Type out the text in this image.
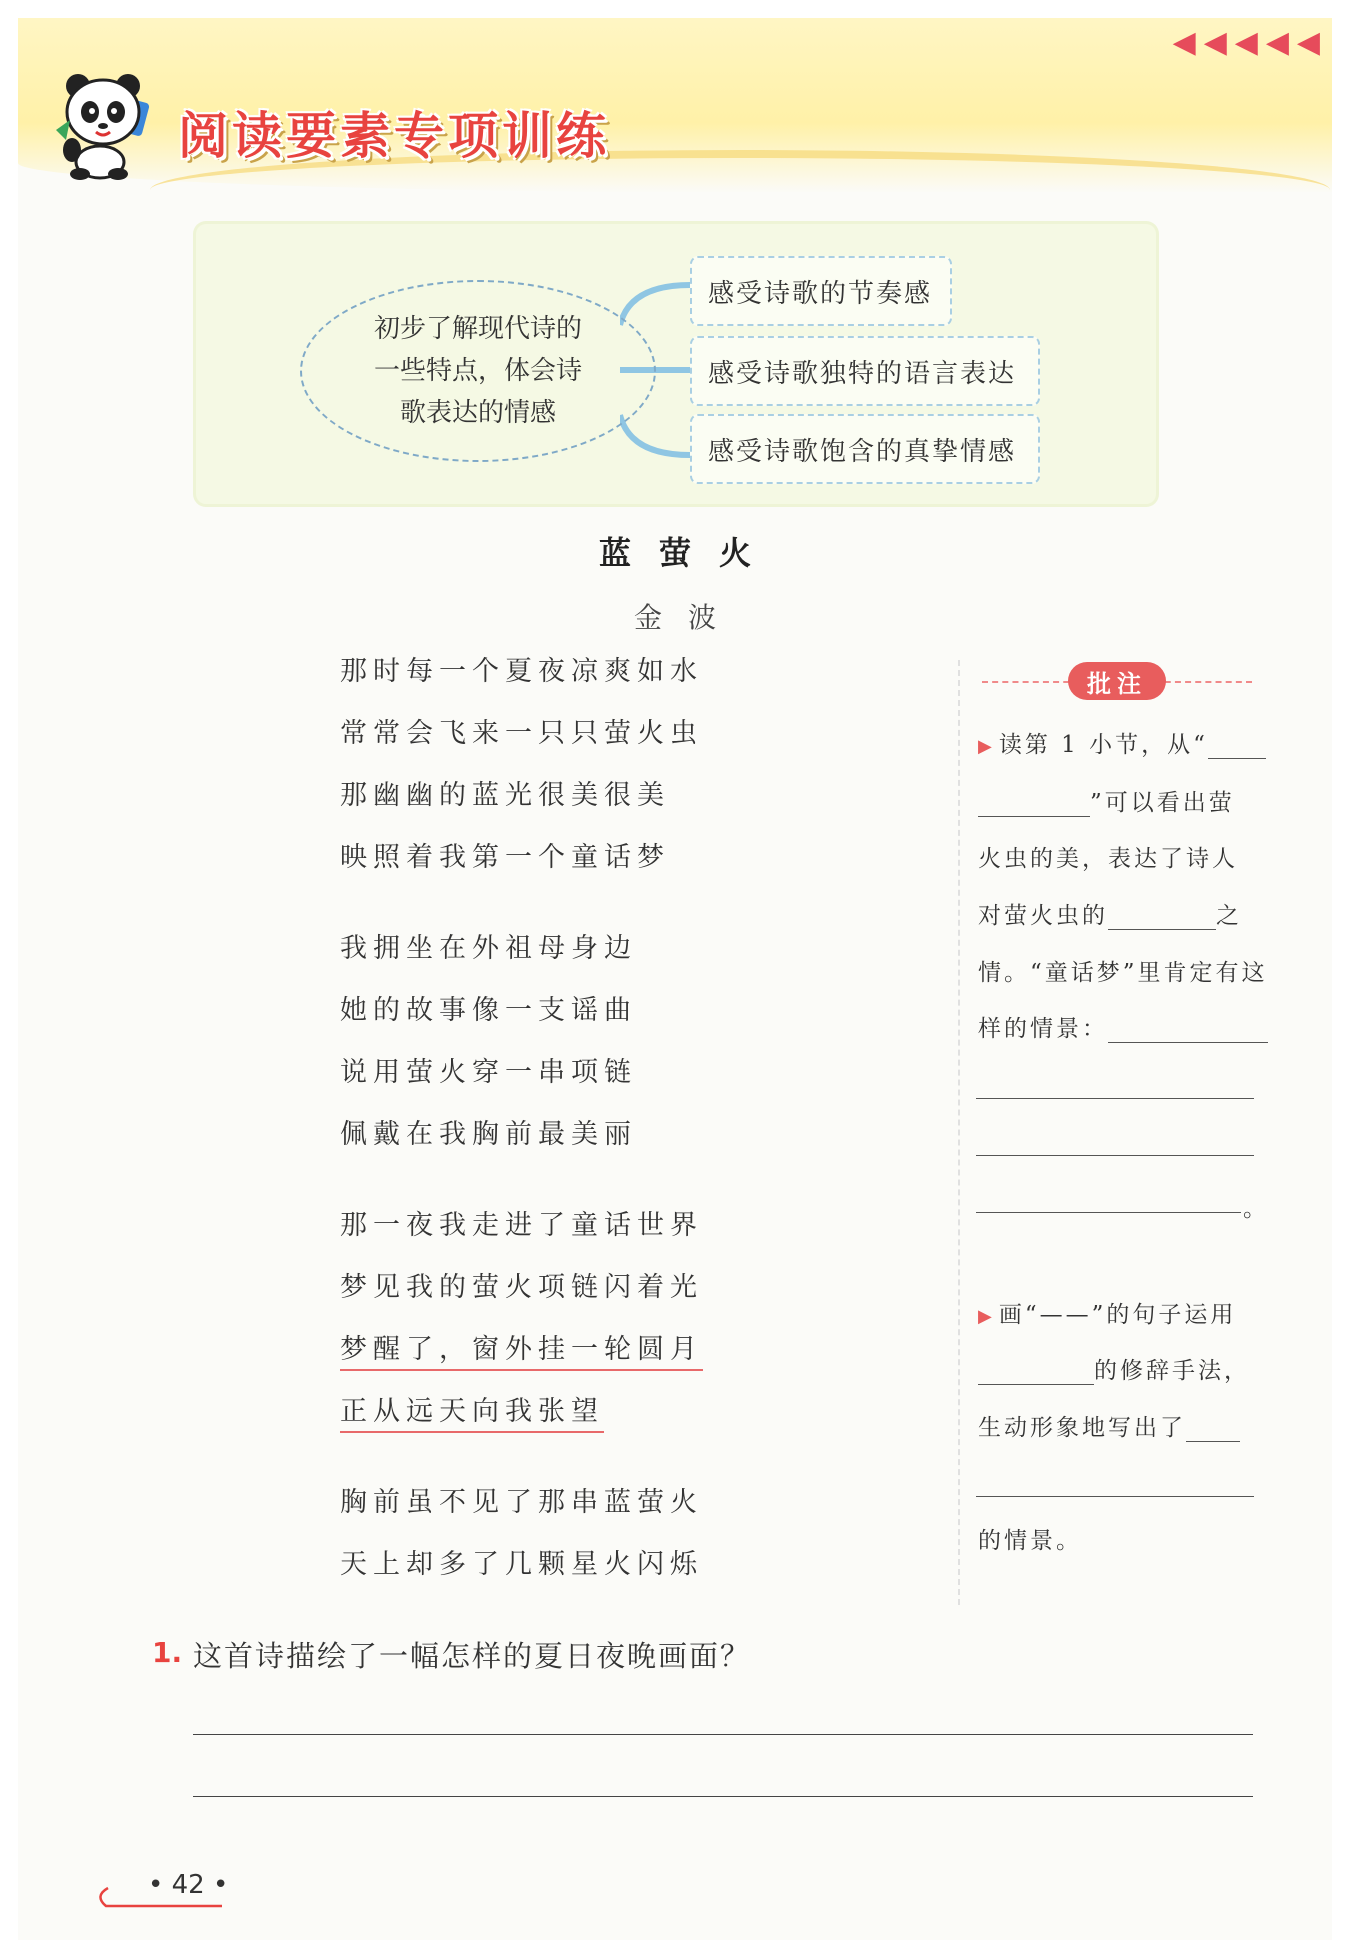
◀ ◀ ◀ ◀ ◀
阅读要素专项训练
初步了解现代诗的
一些特点，体会诗
歌表达的情感
感受诗歌的节奏感
感受诗歌独特的语言表达
感受诗歌饱含的真挚情感
蓝萤火
金波
那时每一个夏夜凉爽如水
常常会飞来一只只萤火虫
那幽幽的蓝光很美很美
映照着我第一个童话梦
我拥坐在外祖母身边
她的故事像一支谣曲
说用萤火穿一串项链
佩戴在我胸前最美丽
那一夜我走进了童话世界
梦见我的萤火项链闪着光
梦醒了，窗外挂一轮圆月
正从远天向我张望
胸前虽不见了那串蓝萤火
天上却多了几颗星火闪烁
批注
▶ 读第 1 小节，从“
”可以看出萤
火虫的美，表达了诗人
对萤火虫的	之
情。“童话梦”里肯定有这
样的情景：
。
▶ 画“——”的句子运用
的修辞手法，
生动形象地写出了
的情景。
1. 这首诗描绘了一幅怎样的夏日夜晚画面？
• 42 •
